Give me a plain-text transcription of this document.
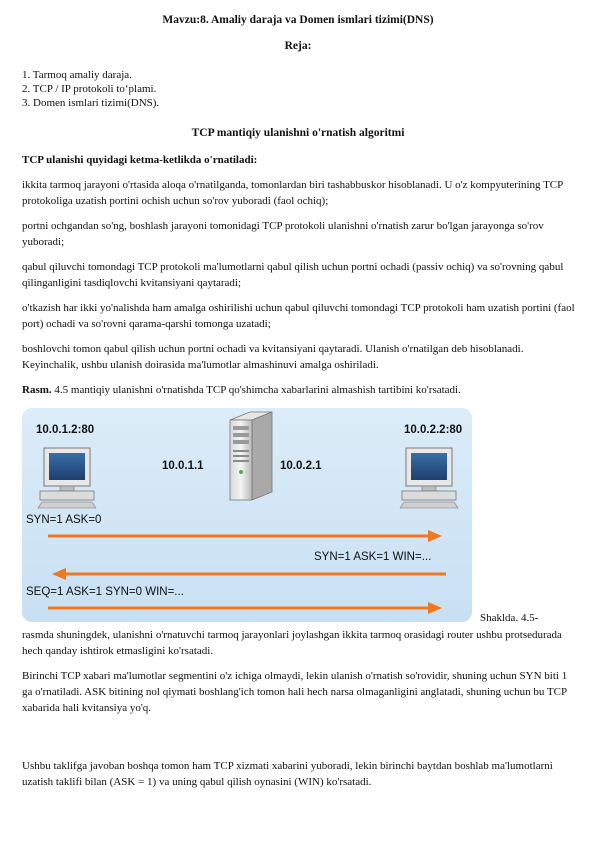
Mavzu:8. Amaliy daraja va Domen ismlari tizimi(DNS)
Reja:
1. Tarmoq amaliy daraja.
2. TCP / IP protokoli to‘plami.
3. Domen ismlari tizimi(DNS).
TCP mantiqiy ulanishni o'rnatish algoritmi
TCP ulanishi quyidagi ketma-ketlikda o'rnatiladi:
ikkita tarmoq jarayoni o'rtasida aloqa o'rnatilganda, tomonlardan biri tashabbuskor hisoblanadi. U o'z kompyuterining TCP protokoliga uzatish portini ochish uchun so'rov yuboradi (faol ochiq);
portni ochgandan so'ng, boshlash jarayoni tomonidagi TCP protokoli ulanishni o'rnatish zarur bo'lgan jarayonga so'rov yuboradi;
qabul qiluvchi tomondagi TCP protokoli ma'lumotlarni qabul qilish uchun portni ochadi (passiv ochiq) va so'rovning qabul qilinganligini tasdiqlovchi kvitansiyani qaytaradi;
o'tkazish har ikki yo'nalishda ham amalga oshirilishi uchun qabul qiluvchi tomondagi TCP protokoli ham uzatish portini (faol port) ochadi va so'rovni qarama-qarshi tomonga uzatadi;
boshlovchi tomon qabul qilish uchun portni ochadi va kvitansiyani qaytaradi. Ulanish o'rnatilgan deb hisoblanadi. Keyinchalik, ushbu ulanish doirasida ma'lumotlar almashinuvi amalga oshiriladi.
Rasm. 4.5 mantiqiy ulanishni o'rnatishda TCP qo'shimcha xabarlarini almashish tartibini ko'rsatadi.
10.0.1.2:80	10.0.2.2:80
10.0.1.1	10.0.2.1
SYN=1 ASK=0
SYN=1 ASK=1 WIN=...
SEQ=1 ASK=1 SYN=0 WIN=...
Shaklda. 4.5-
rasmda shuningdek, ulanishni o'rnatuvchi tarmoq jarayonlari joylashgan ikkita tarmoq orasidagi router ushbu protsedurada hech qanday ishtirok etmasligini ko'rsatadi.
Birinchi TCP xabari ma'lumotlar segmentini o'z ichiga olmaydi, lekin ulanish o'rnatish so'rovidir, shuning uchun SYN biti 1 ga o'rnatiladi. ASK bitining nol qiymati boshlang'ich tomon hali hech narsa olmaganligini anglatadi, shuning uchun bu TCP xabarida hali kvitansiya yo'q.
Ushbu taklifga javoban boshqa tomon ham TCP xizmati xabarini yuboradi, lekin birinchi baytdan boshlab ma'lumotlarni uzatish taklifi bilan (ASK = 1) va uning qabul qilish oynasini (WIN) ko'rsatadi.
